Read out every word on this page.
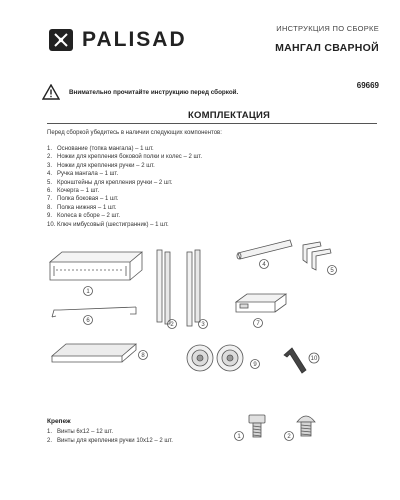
PALISAD	ИНСТРУКЦИЯ ПО СБОРКЕ
МАНГАЛ СВАРНОЙ
69669
Внимательно прочитайте инструкцию перед сборкой.
КОМПЛЕКТАЦИЯ
Перед сборкой убедитесь в наличии следующих компонентов:
1. Основание (топка мангала) – 1 шт.
2. Ножки для крепления боковой полки и колес – 2 шт.
3. Ножки для крепления ручки – 2 шт.
4. Ручка мангала – 1 шт.
5. Кронштейны для крепления ручки – 2 шт.
6. Кочерга – 1 шт.
7. Полка боковая – 1 шт.
8. Полка нижняя – 1 шт.
9. Колеса в сборе – 2 шт.
10. Ключ имбусовый (шестигранник) – 1 шт.
1
2	3
4
5
6	7
8
9
10
1	2
Крепеж
1. Винты 6х12 – 12 шт.
2. Винты для крепления ручки 10х12 – 2 шт.
